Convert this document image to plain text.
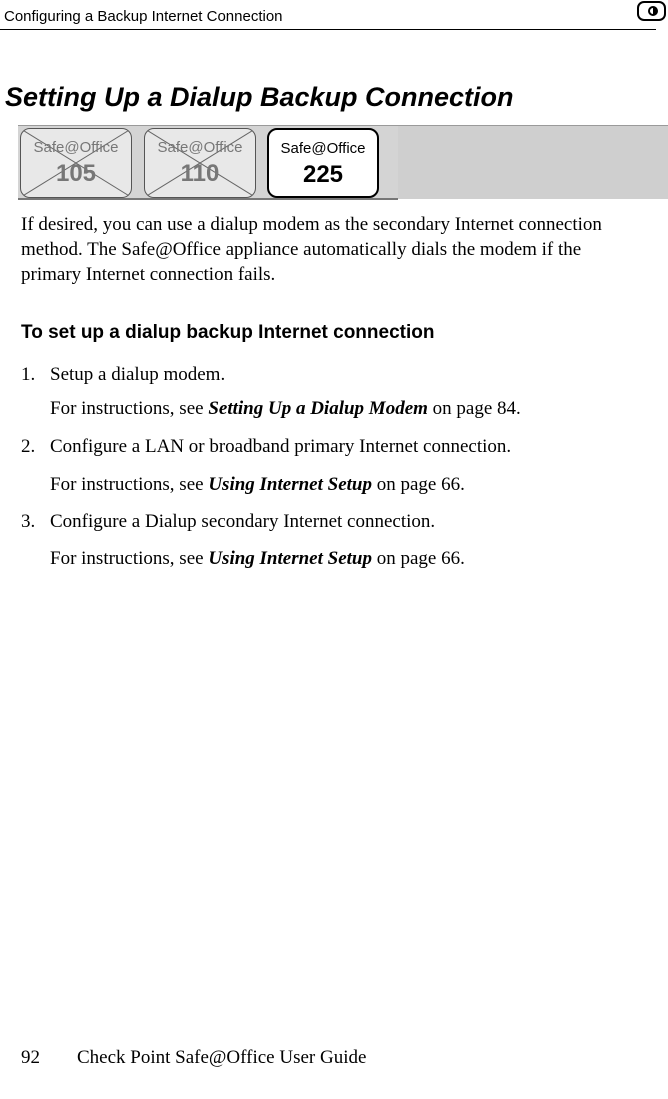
Configuring a Backup Internet Connection
Setting Up a Dialup Backup Connection
Safe@Office
105
Safe@Office
110
Safe@Office
225

If desired, you can use a dialup modem as the secondary Internet connection
method. The Safe@Office appliance automatically dials the modem if the
primary Internet connection fails.

To set up a dialup backup Internet connection
1. Setup a dialup modem.
For instructions, see Setting Up a Dialup Modem on page 84.
2. Configure a LAN or broadband primary Internet connection.
For instructions, see Using Internet Setup on page 66.
3. Configure a Dialup secondary Internet connection.
For instructions, see Using Internet Setup on page 66.
92 Check Point Safe@Office User Guide
